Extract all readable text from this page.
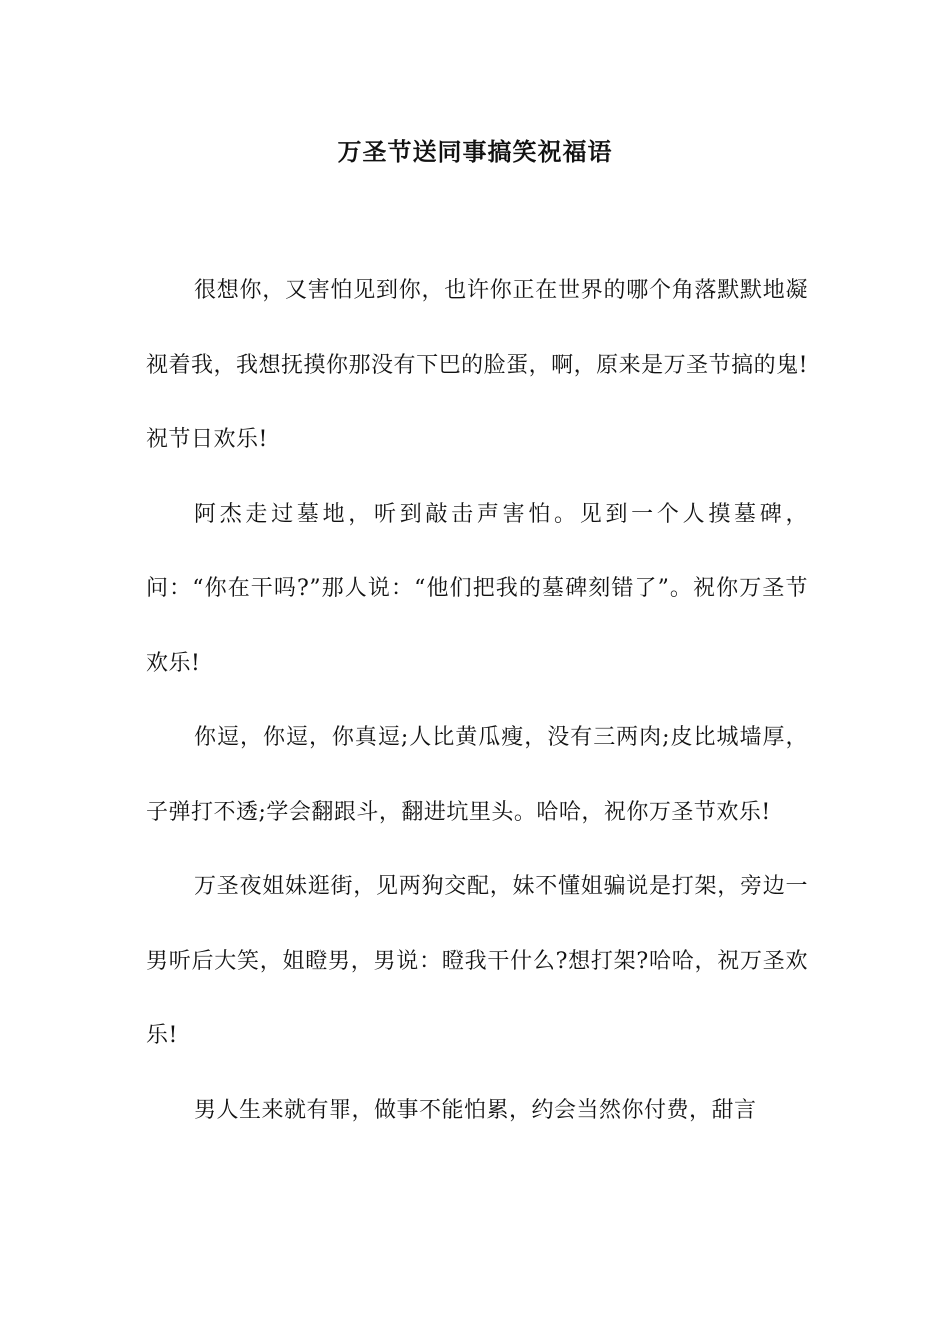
万圣节送同事搞笑祝福语

很想你，又害怕见到你，也许你正在世界的哪个角落默默地凝视着我，我想抚摸你那没有下巴的脸蛋，啊，原来是万圣节搞的鬼!祝节日欢乐!

阿杰走过墓地，听到敲击声害怕。见到一个人摸墓碑，问：“你在干吗?”那人说：“他们把我的墓碑刻错了”。祝你万圣节欢乐!

你逗，你逗，你真逗;人比黄瓜瘦，没有三两肉;皮比城墙厚，子弹打不透;学会翻跟斗，翻进坑里头。哈哈，祝你万圣节欢乐!

万圣夜姐妹逛街，见两狗交配，妹不懂姐骗说是打架，旁边一男听后大笑，姐瞪男，男说：瞪我干什么?想打架?哈哈，祝万圣欢乐!

男人生来就有罪，做事不能怕累，约会当然你付费，甜言
